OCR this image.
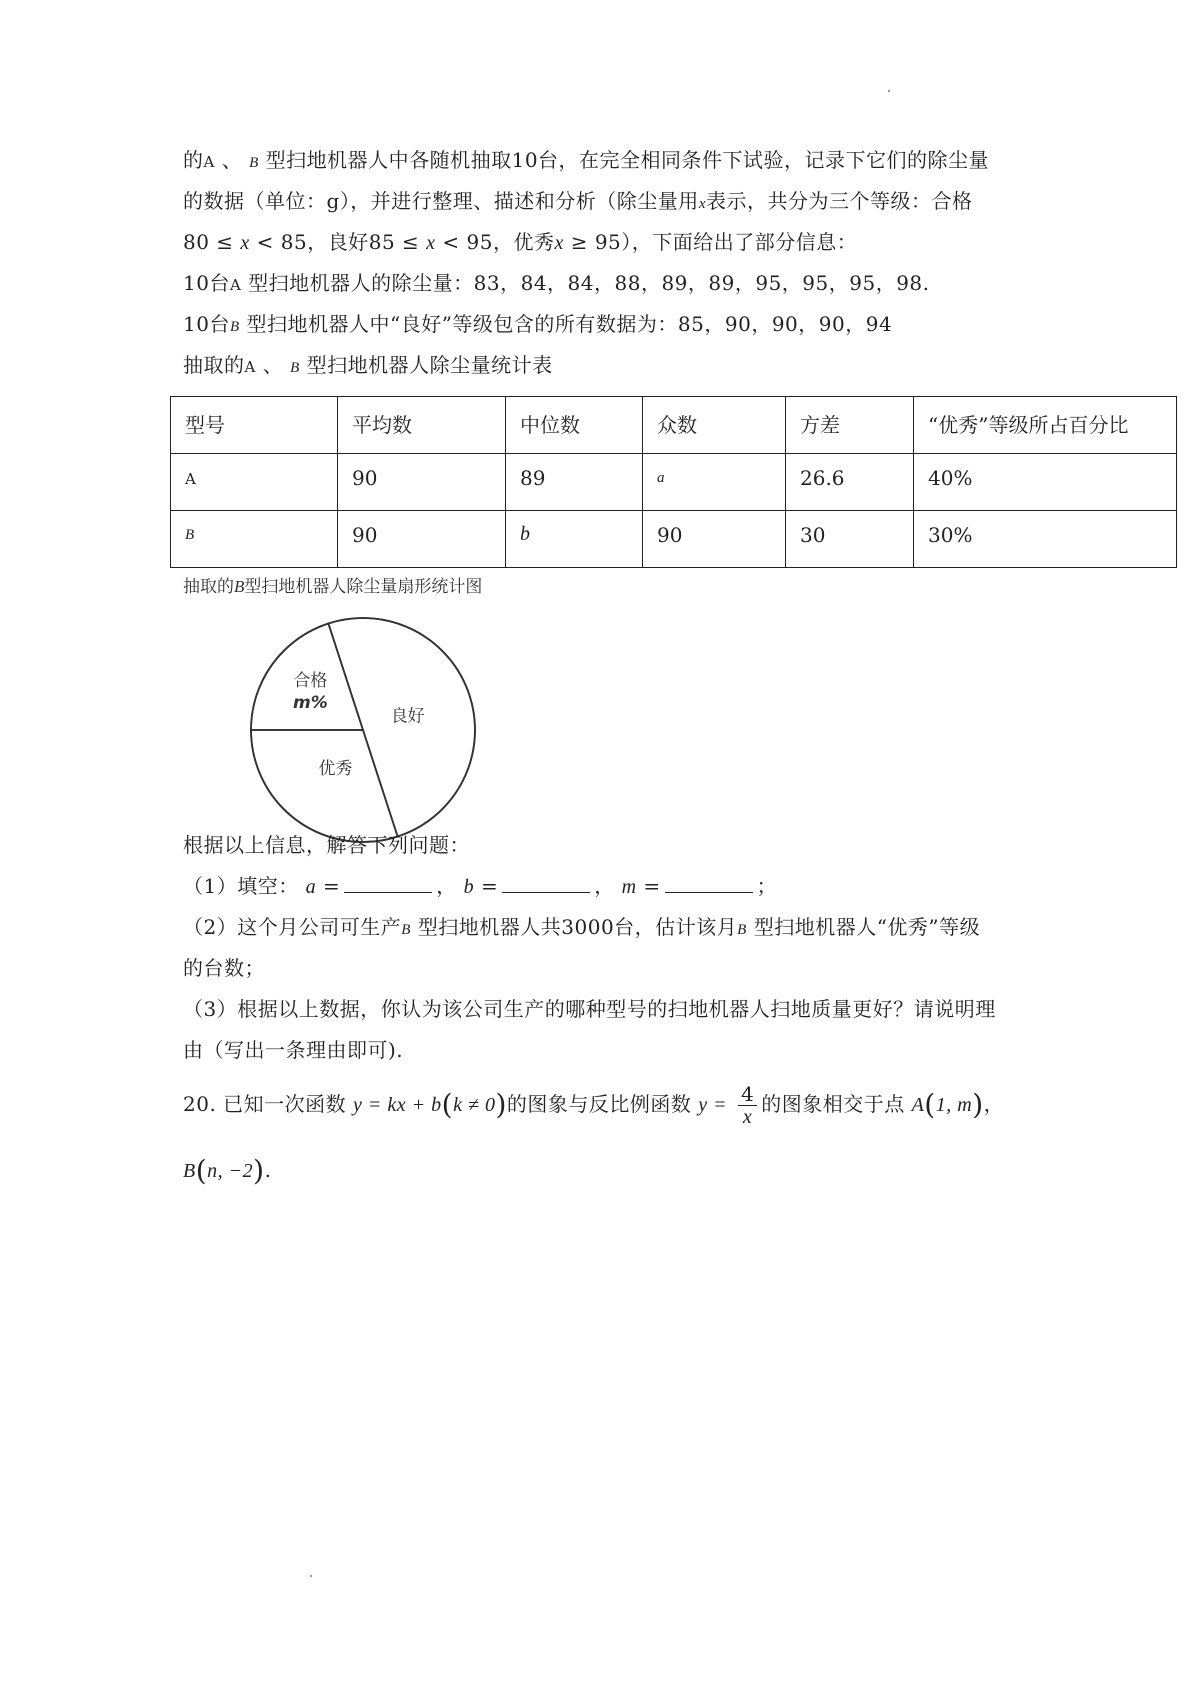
的A 、 B 型扫地机器人中各随机抽取10台，在完全相同条件下试验，记录下它们的除尘量
的数据（单位：g），并进行整理、描述和分析（除尘量用x表示，共分为三个等级：合格
80 ≤ x < 85，良好85 ≤ x < 95，优秀x ≥ 95），下面给出了部分信息：
10台A 型扫地机器人的除尘量：83，84，84，88，89，89，95，95，95，98.
10台B 型扫地机器人中“良好”等级包含的所有数据为：85，90，90，90，94
抽取的A 、 B 型扫地机器人除尘量统计表
型号	平均数	中位数	众数	方差	“优秀”等级所占百分比
A	90	89	a	26.6	40%
B	90	b	90	30	30%
抽取的B型扫地机器人除尘量扇形统计图
优秀
合格
m%
良好
根据以上信息，解答下列问题：
（1）填空： a =	， b =	， m =	；
（2）这个月公司可生产B 型扫地机器人共3000台，估计该月B 型扫地机器人“优秀”等级
的台数；
（3）根据以上数据，你认为该公司生产的哪种型号的扫地机器人扫地质量更好？请说明理
由（写出一条理由即可).
20. 已知一次函数 y = kx + b(k ≠ 0)的图象与反比例函数 $y = \frac{4}{x}$ 的图象相交于点 A(1, m)，
B(n, −2).
